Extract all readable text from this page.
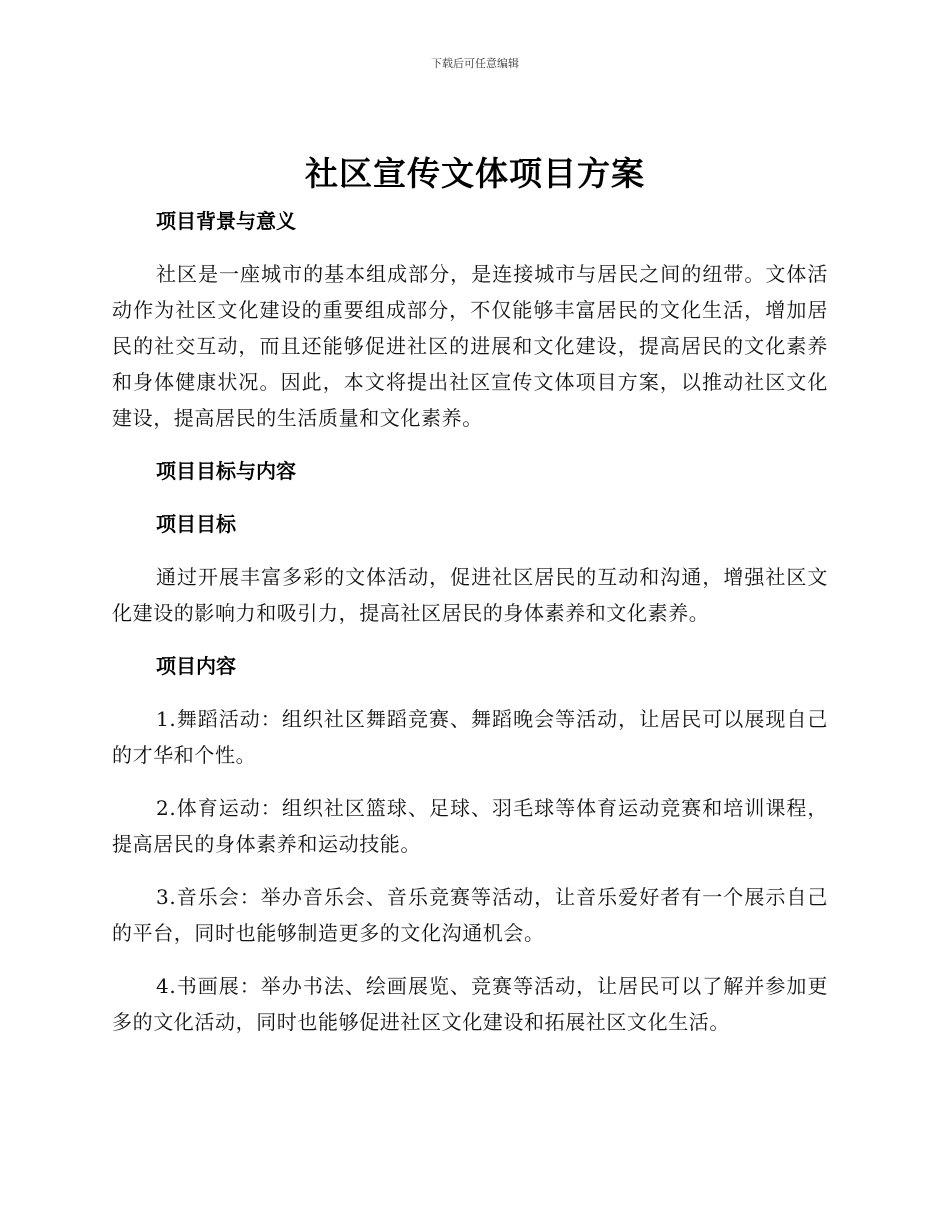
下载后可任意编辑
社区宣传文体项目方案

项目背景与意义

社区是一座城市的基本组成部分，是连接城市与居民之间的纽带。文体活动作为社区文化建设的重要组成部分，不仅能够丰富居民的文化生活，增加居民的社交互动，而且还能够促进社区的进展和文化建设，提高居民的文化素养和身体健康状况。因此，本文将提出社区宣传文体项目方案，以推动社区文化建设，提高居民的生活质量和文化素养。

项目目标与内容

项目目标

通过开展丰富多彩的文体活动，促进社区居民的互动和沟通，增强社区文化建设的影响力和吸引力，提高社区居民的身体素养和文化素养。

项目内容

1.舞蹈活动：组织社区舞蹈竞赛、舞蹈晚会等活动，让居民可以展现自己的才华和个性。

2.体育运动：组织社区篮球、足球、羽毛球等体育运动竞赛和培训课程，提高居民的身体素养和运动技能。

3.音乐会：举办音乐会、音乐竞赛等活动，让音乐爱好者有一个展示自己的平台，同时也能够制造更多的文化沟通机会。

4.书画展：举办书法、绘画展览、竞赛等活动，让居民可以了解并参加更多的文化活动，同时也能够促进社区文化建设和拓展社区文化生活。
